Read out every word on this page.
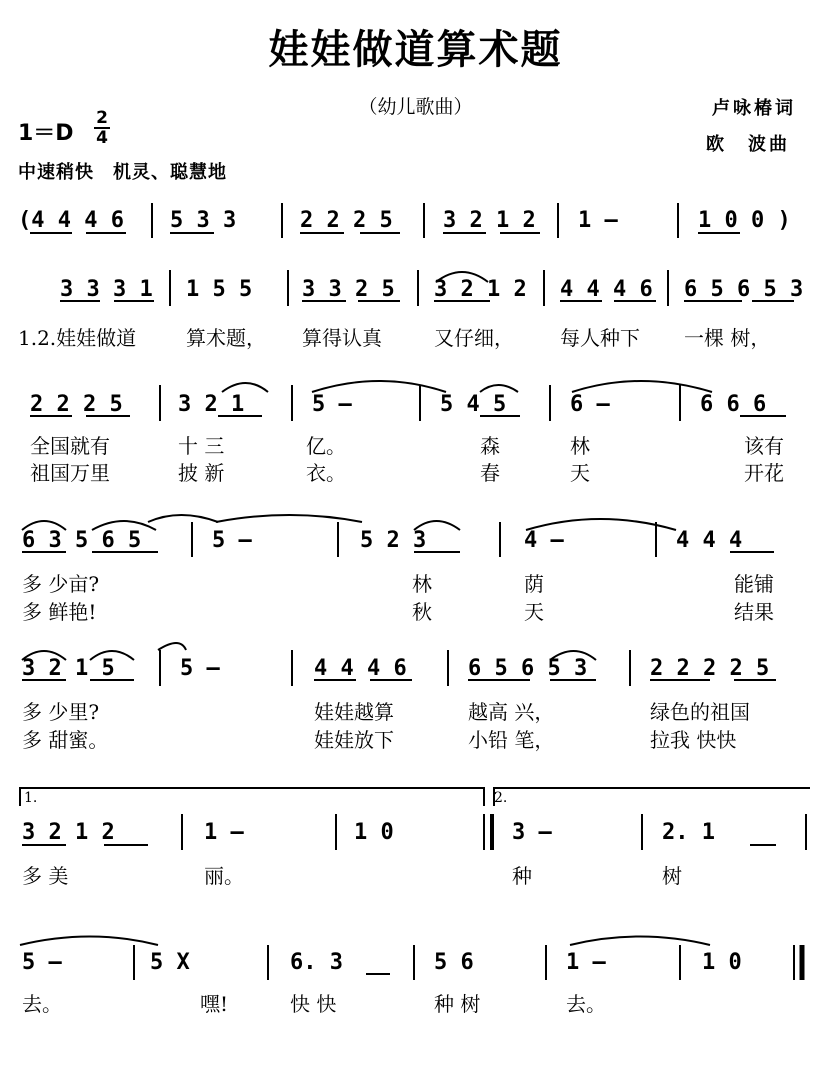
娃娃做道算术题
（幼儿歌曲）	卢咏椿词
欧　波曲
1＝D
2
4
中速稍快　机灵、聪慧地
(4 4 4 6 5 3 3	2 2 2 5 3 2 1 2 1 –	1 0 0 )
3 3 3 1 1 5 5 3 3 2 5 3 2 1 2 4 4 4 6 6 5 6 5 3
1.2.娃娃做道 算术题， 算得认真	又仔细， 每人种下 一棵 树，
2 2 2 5	3 2 1	5 –	5 4 5	6 –	6 6 6
全国就有	十 三	亿。	森	林	该有
祖国万里	披 新	衣。	春	天	开花
6 3 5 6 5	5 –	5 2 3	4 –	4 4 4
多 少亩?	林	荫	能铺
多 鲜艳!	秋	天	结果
3 2 1 5	5 –	4 4 4 6	6 5 6 5 3	2 2 2 2 5
多 少里?	娃娃越算	越高 兴，	绿色的祖国
多 甜蜜。	娃娃放下	小铅 笔，	拉我 快快
1.	2.
3 2 1 2	1 –	1 0	3 –	2. 1
多 美	丽。	种	树
5 –	5 X	6. 3	5 6	1 –	1 0
去。	嘿!	快 快	种 树	去。
